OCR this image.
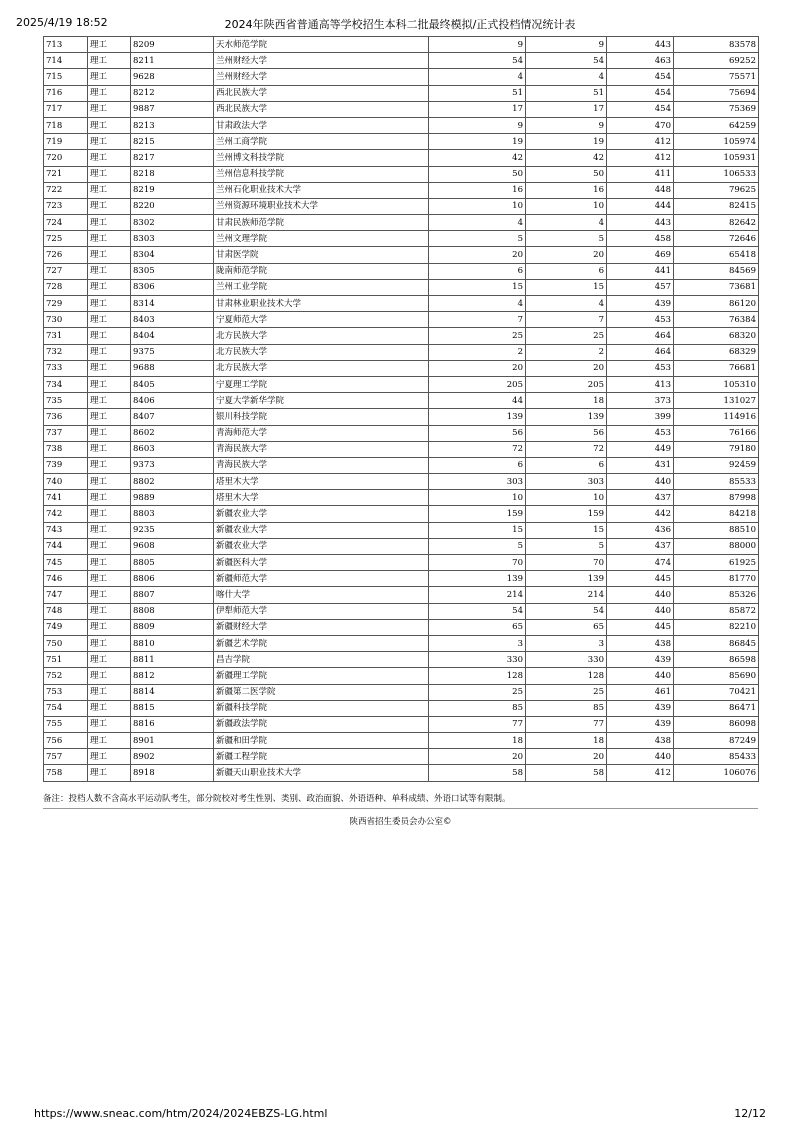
2025/4/19 18:52	2024年陕西省普通高等学校招生本科二批最终模拟/正式投档情况统计表
713	理工	8209	天水师范学院	9	9	443	83578
714	理工	8211	兰州财经大学	54	54	463	69252
715	理工	9628	兰州财经大学	4	4	454	75571
716	理工	8212	西北民族大学	51	51	454	75694
717	理工	9887	西北民族大学	17	17	454	75369
718	理工	8213	甘肃政法大学	9	9	470	64259
719	理工	8215	兰州工商学院	19	19	412	105974
720	理工	8217	兰州博文科技学院	42	42	412	105931
721	理工	8218	兰州信息科技学院	50	50	411	106533
722	理工	8219	兰州石化职业技术大学	16	16	448	79625
723	理工	8220	兰州资源环境职业技术大学	10	10	444	82415
724	理工	8302	甘肃民族师范学院	4	4	443	82642
725	理工	8303	兰州文理学院	5	5	458	72646
726	理工	8304	甘肃医学院	20	20	469	65418
727	理工	8305	陇南师范学院	6	6	441	84569
728	理工	8306	兰州工业学院	15	15	457	73681
729	理工	8314	甘肃林业职业技术大学	4	4	439	86120
730	理工	8403	宁夏师范大学	7	7	453	76384
731	理工	8404	北方民族大学	25	25	464	68320
732	理工	9375	北方民族大学	2	2	464	68329
733	理工	9688	北方民族大学	20	20	453	76681
734	理工	8405	宁夏理工学院	205	205	413	105310
735	理工	8406	宁夏大学新华学院	44	18	373	131027
736	理工	8407	银川科技学院	139	139	399	114916
737	理工	8602	青海师范大学	56	56	453	76166
738	理工	8603	青海民族大学	72	72	449	79180
739	理工	9373	青海民族大学	6	6	431	92459
740	理工	8802	塔里木大学	303	303	440	85533
741	理工	9889	塔里木大学	10	10	437	87998
742	理工	8803	新疆农业大学	159	159	442	84218
743	理工	9235	新疆农业大学	15	15	436	88510
744	理工	9608	新疆农业大学	5	5	437	88000
745	理工	8805	新疆医科大学	70	70	474	61925
746	理工	8806	新疆师范大学	139	139	445	81770
747	理工	8807	喀什大学	214	214	440	85326
748	理工	8808	伊犁师范大学	54	54	440	85872
749	理工	8809	新疆财经大学	65	65	445	82210
750	理工	8810	新疆艺术学院	3	3	438	86845
751	理工	8811	昌吉学院	330	330	439	86598
752	理工	8812	新疆理工学院	128	128	440	85690
753	理工	8814	新疆第二医学院	25	25	461	70421
754	理工	8815	新疆科技学院	85	85	439	86471
755	理工	8816	新疆政法学院	77	77	439	86098
756	理工	8901	新疆和田学院	18	18	438	87249
757	理工	8902	新疆工程学院	20	20	440	85433
758	理工	8918	新疆天山职业技术大学	58	58	412	106076
备注：投档人数不含高水平运动队考生，部分院校对考生性别、类别、政治面貌、外语语种、单科成绩、外语口试等有限制。
陕西省招生委员会办公室©
https://www.sneac.com/htm/2024/2024EBZS-LG.html	12/12
